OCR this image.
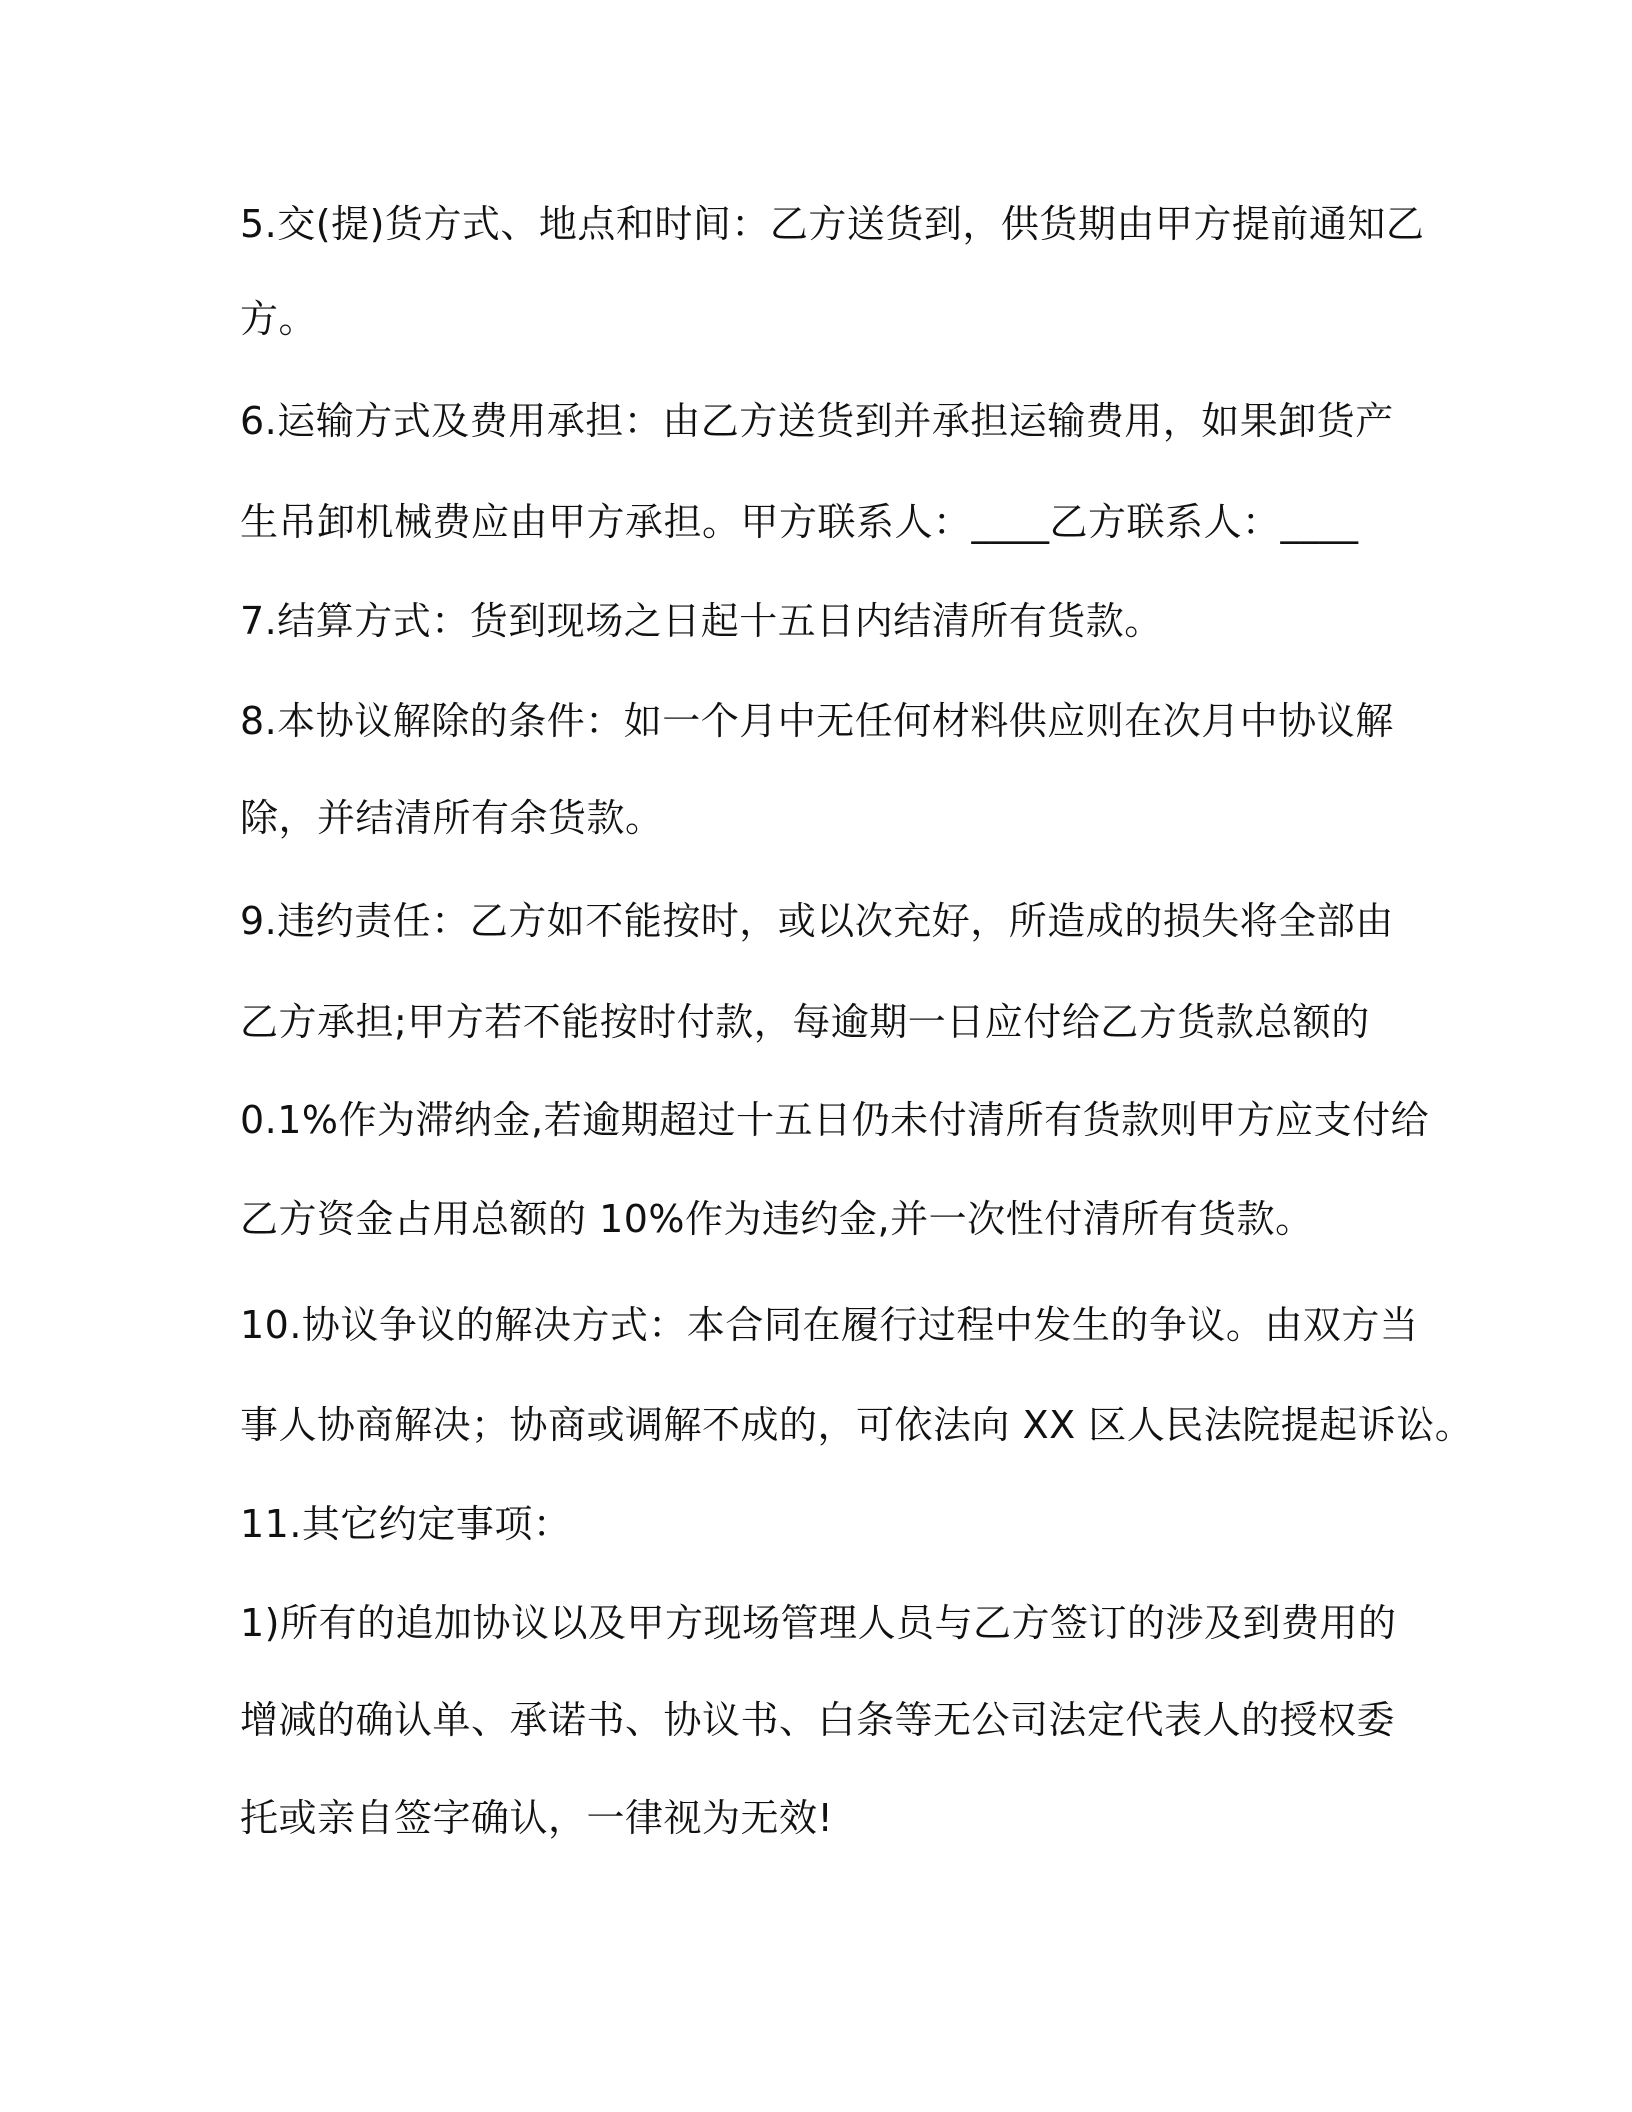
5.交(提)货方式、地点和时间：乙方送货到，供货期由甲方提前通知乙
方。
6.运输方式及费用承担：由乙方送货到并承担运输费用，如果卸货产
生吊卸机械费应由甲方承担。甲方联系人：____乙方联系人：____
7.结算方式：货到现场之日起十五日内结清所有货款。
8.本协议解除的条件：如一个月中无任何材料供应则在次月中协议解
除，并结清所有余货款。
9.违约责任：乙方如不能按时，或以次充好，所造成的损失将全部由
乙方承担;甲方若不能按时付款，每逾期一日应付给乙方货款总额的
0.1%作为滞纳金,若逾期超过十五日仍未付清所有货款则甲方应支付给
乙方资金占用总额的 10%作为违约金,并一次性付清所有货款。
10.协议争议的解决方式：本合同在履行过程中发生的争议。由双方当
事人协商解决；协商或调解不成的，可依法向 XX 区人民法院提起诉讼。
11.其它约定事项：
1)所有的追加协议以及甲方现场管理人员与乙方签订的涉及到费用的
增减的确认单、承诺书、协议书、白条等无公司法定代表人的授权委
托或亲自签字确认，一律视为无效!
